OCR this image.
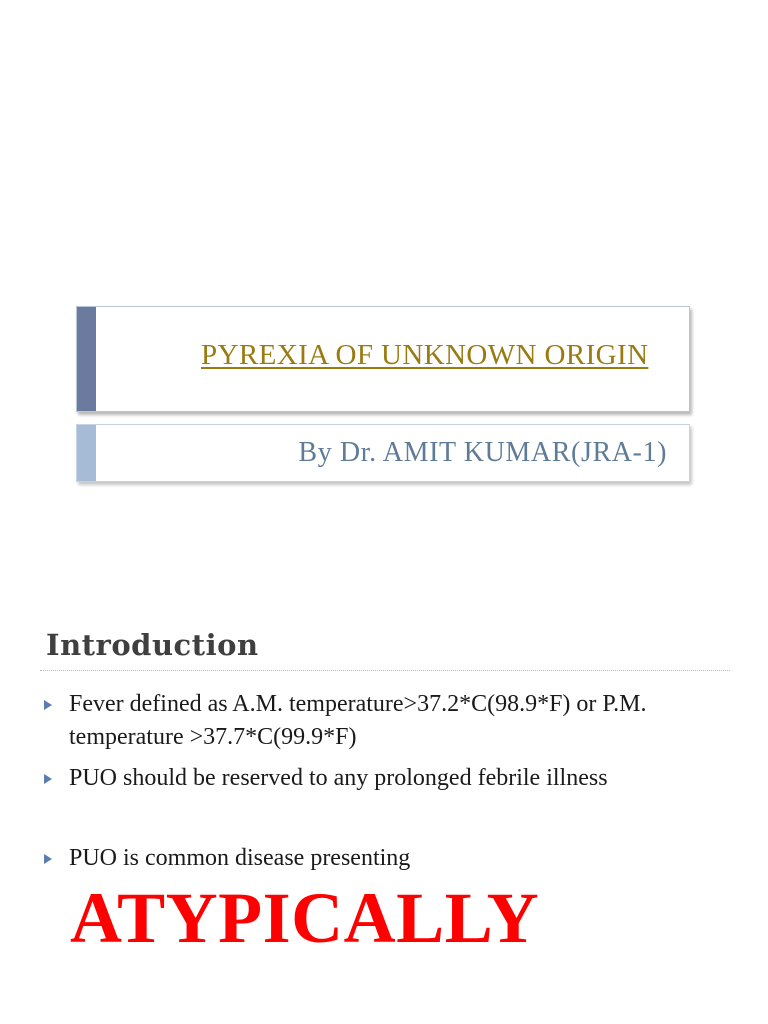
PYREXIA OF UNKNOWN ORIGIN

By Dr. AMIT KUMAR(JRA-1)

Introduction
Fever defined as A.M. temperature>37.2*C(98.9*F) or P.M. temperature >37.7*C(99.9*F)
PUO should be reserved to any prolonged febrile illness
PUO is common disease presenting

ATYPICALLY
